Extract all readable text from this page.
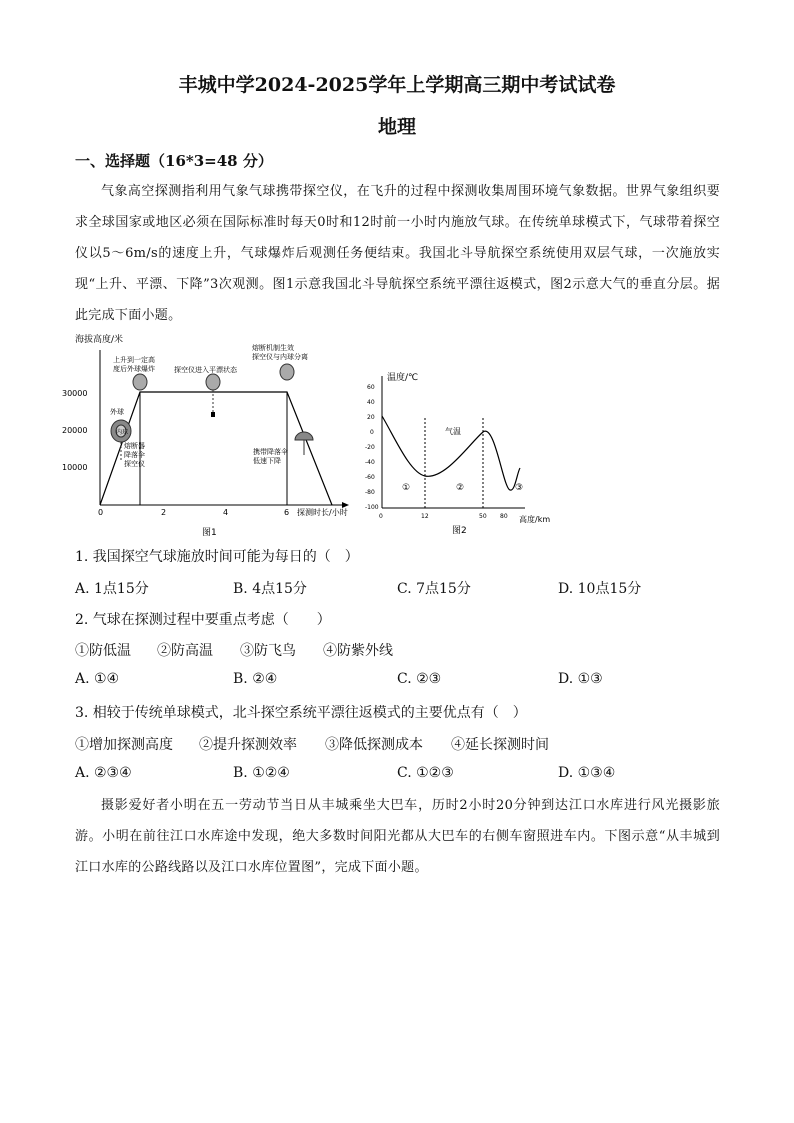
丰城中学2024-2025学年上学期高三期中考试试卷
地理
一、选择题（16*3=48 分）
气象高空探测指利用气象气球携带探空仪，在飞升的过程中探测收集周围环境气象数据。世界气象组织要求全球国家或地区必须在国际标准时每天0时和12时前一小时内施放气球。在传统单球模式下，气球带着探空仪以5～6m/s的速度上升，气球爆炸后观测任务便结束。我国北斗导航探空系统使用双层气球，一次施放实现“上升、平漂、下降”3次观测。图1示意我国北斗导航探空系统平漂往返模式，图2示意大气的垂直分层。据此完成下面小题。
海拔高度/米
30000
20000
10000
0	2	4	6 探测时长/小时
上升到一定高度后外球爆炸	探空仪进入平漂状态
熔断机制生效探空仪与内球分离
外球
内球
熔断器降落伞探空仪
携带降落伞低速下降
图1
温度/℃
60
40
20
0
-20
-40
-60
-80
-100
气温
①	②	③
0	12	50 80 高度/km
图2
1. 我国探空气球施放时间可能为每日的（　）
A. 1点15分	B. 4点15分	C. 7点15分	D. 10点15分
2. 气球在探测过程中要重点考虑（　　）
①防低温 ②防高温 ③防飞鸟 ④防紫外线
A. ①④	B. ②④	C. ②③	D. ①③
3. 相较于传统单球模式，北斗探空系统平漂往返模式的主要优点有（　）
①增加探测高度 ②提升探测效率 ③降低探测成本 ④延长探测时间
A. ②③④	B. ①②④	C. ①②③	D. ①③④
摄影爱好者小明在五一劳动节当日从丰城乘坐大巴车，历时2小时20分钟到达江口水库进行风光摄影旅游。小明在前往江口水库途中发现，绝大多数时间阳光都从大巴车的右侧车窗照进车内。下图示意“从丰城到江口水库的公路线路以及江口水库位置图”，完成下面小题。
